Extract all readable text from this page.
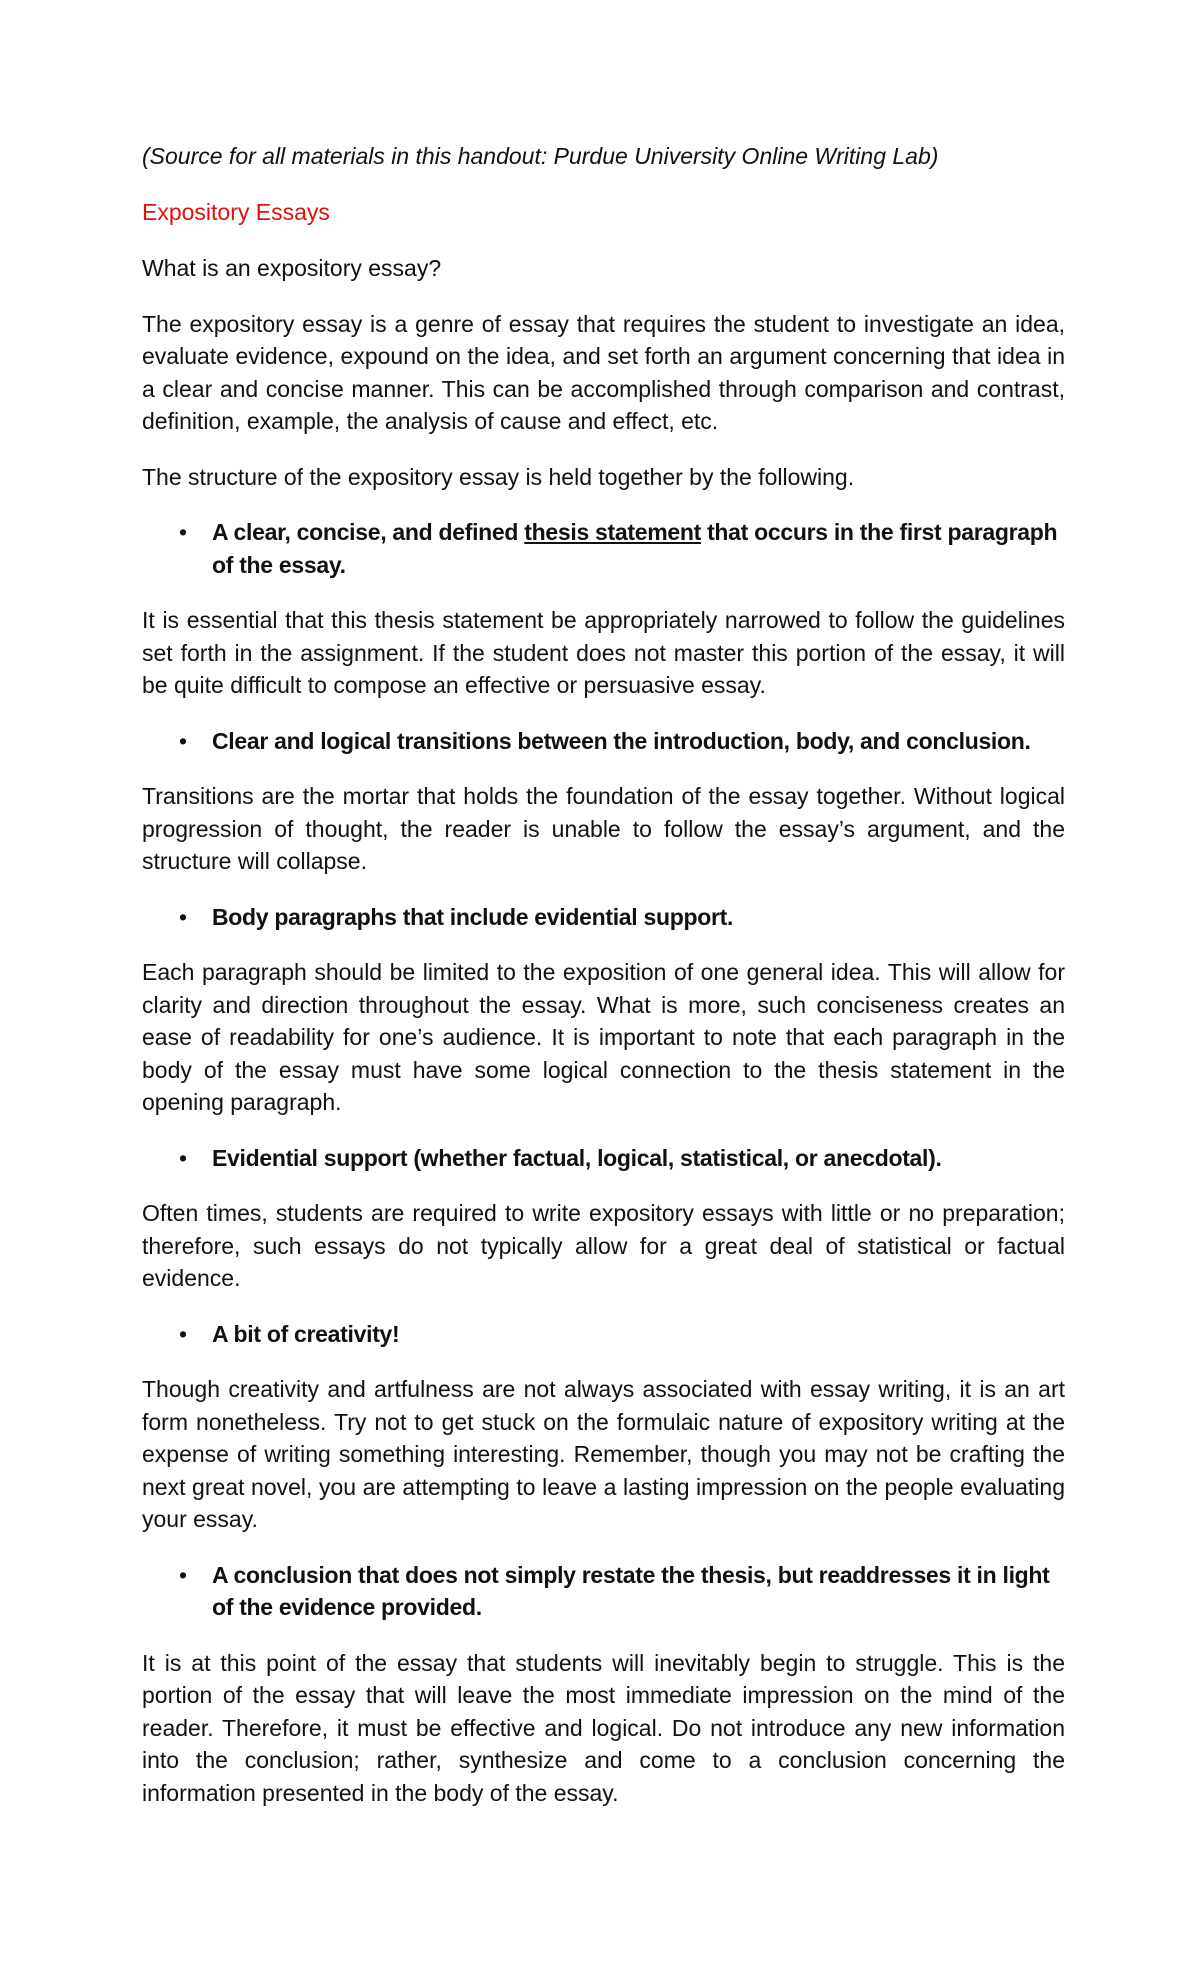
(Source for all materials in this handout: Purdue University Online Writing Lab)

Expository Essays

What is an expository essay?

The expository essay is a genre of essay that requires the student to investigate an idea, evaluate evidence, expound on the idea, and set forth an argument concerning that idea in a clear and concise manner. This can be accomplished through comparison and contrast, definition, example, the analysis of cause and effect, etc.

The structure of the expository essay is held together by the following.

• A clear, concise, and defined thesis statement that occurs in the first paragraph of the essay.

It is essential that this thesis statement be appropriately narrowed to follow the guidelines set forth in the assignment. If the student does not master this portion of the essay, it will be quite difficult to compose an effective or persuasive essay.

• Clear and logical transitions between the introduction, body, and conclusion.

Transitions are the mortar that holds the foundation of the essay together. Without logical progression of thought, the reader is unable to follow the essay’s argument, and the structure will collapse.

• Body paragraphs that include evidential support.

Each paragraph should be limited to the exposition of one general idea. This will allow for clarity and direction throughout the essay. What is more, such conciseness creates an ease of readability for one’s audience. It is important to note that each paragraph in the body of the essay must have some logical connection to the thesis statement in the opening paragraph.

• Evidential support (whether factual, logical, statistical, or anecdotal).

Often times, students are required to write expository essays with little or no preparation; therefore, such essays do not typically allow for a great deal of statistical or factual evidence.

• A bit of creativity!

Though creativity and artfulness are not always associated with essay writing, it is an art form nonetheless. Try not to get stuck on the formulaic nature of expository writing at the expense of writing something interesting. Remember, though you may not be crafting the next great novel, you are attempting to leave a lasting impression on the people evaluating your essay.

• A conclusion that does not simply restate the thesis, but readdresses it in light of the evidence provided.

It is at this point of the essay that students will inevitably begin to struggle. This is the portion of the essay that will leave the most immediate impression on the mind of the reader. Therefore, it must be effective and logical. Do not introduce any new information into the conclusion; rather, synthesize and come to a conclusion concerning the information presented in the body of the essay.
